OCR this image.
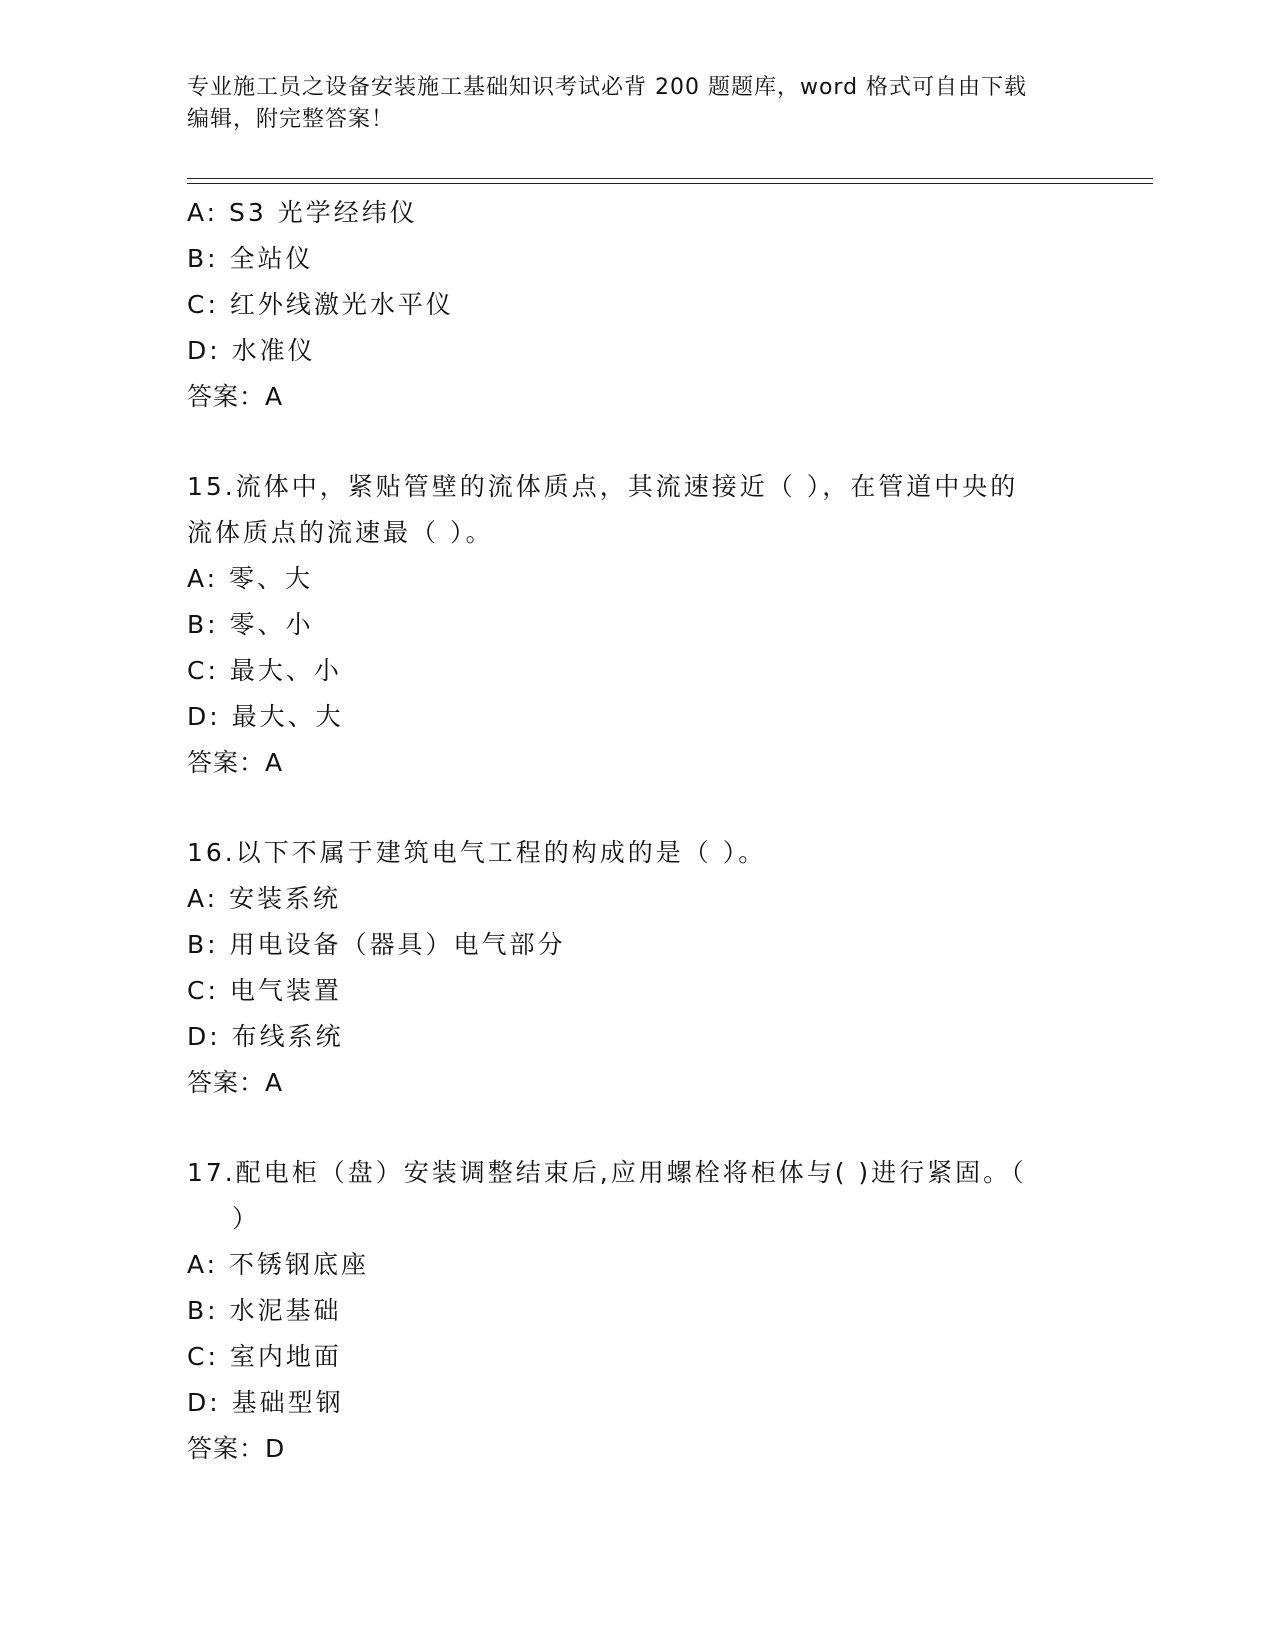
专业施工员之设备安装施工基础知识考试必背 200 题题库，word 格式可自由下载
编辑，附完整答案！
A: S3 光学经纬仪
B: 全站仪
C: 红外线激光水平仪
D: 水准仪
答案：A
15.流体中，紧贴管壁的流体质点，其流速接近（ ），在管道中央的
流体质点的流速最（ ）。
A: 零、大
B: 零、小
C: 最大、小
D: 最大、大
答案：A
16.以下不属于建筑电气工程的构成的是（ ）。
A: 安装系统
B: 用电设备（器具）电气部分
C: 电气装置
D: 布线系统
答案：A
17.配电柜（盘）安装调整结束后,应用螺栓将柜体与( )进行紧固。（
）
A: 不锈钢底座
B: 水泥基础
C: 室内地面
D: 基础型钢
答案：D
